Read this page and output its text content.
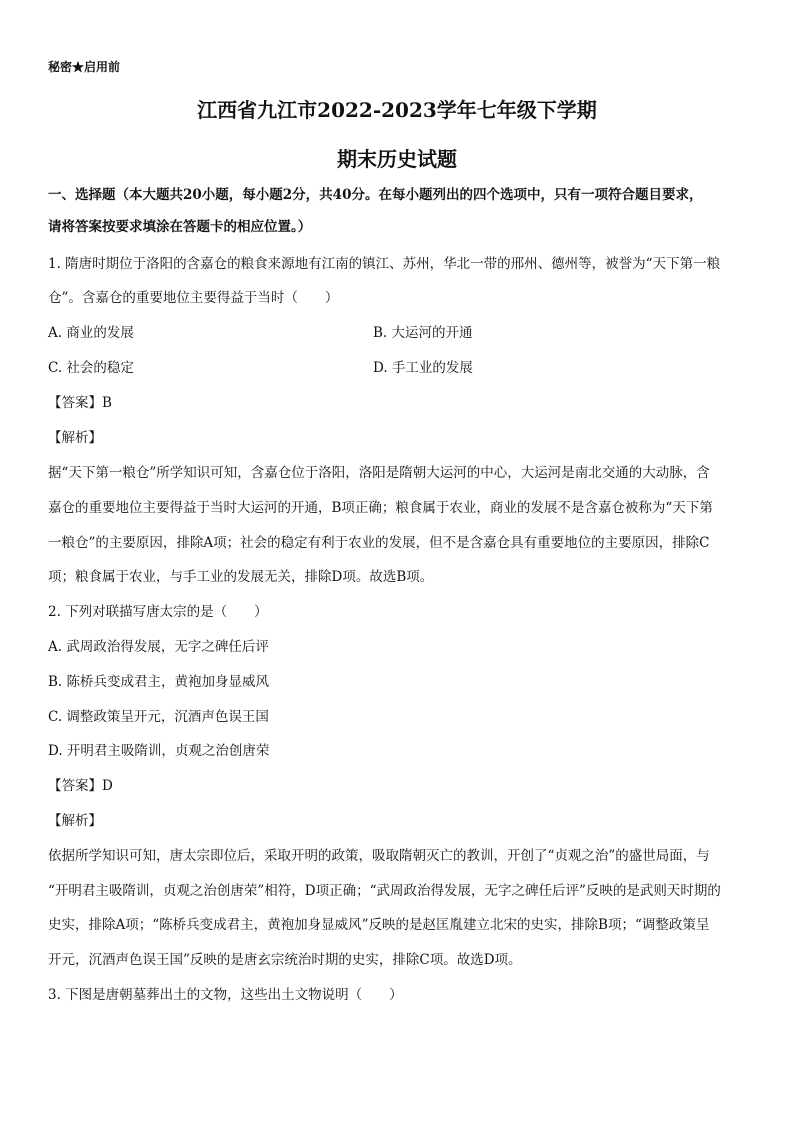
秘密★启用前
江西省九江市2022-2023学年七年级下学期
期末历史试题
一、选择题（本大题共20小题，每小题2分，共40分。在每小题列出的四个选项中，只有一项符合题目要求，
请将答案按要求填涂在答题卡的相应位置。）
1. 隋唐时期位于洛阳的含嘉仓的粮食来源地有江南的镇江、苏州，华北一带的邢州、德州等，被誉为“天下第一粮
仓”。含嘉仓的重要地位主要得益于当时（　　）
A. 商业的发展	B. 大运河的开通
C. 社会的稳定	D. 手工业的发展
【答案】B
【解析】
据“天下第一粮仓”所学知识可知，含嘉仓位于洛阳，洛阳是隋朝大运河的中心，大运河是南北交通的大动脉，含
嘉仓的重要地位主要得益于当时大运河的开通，B项正确；粮食属于农业，商业的发展不是含嘉仓被称为“天下第
一粮仓”的主要原因，排除A项；社会的稳定有利于农业的发展，但不是含嘉仓具有重要地位的主要原因，排除C
项；粮食属于农业，与手工业的发展无关，排除D项。故选B项。
2. 下列对联描写唐太宗的是（　　）
A. 武周政治得发展，无字之碑任后评
B. 陈桥兵变成君主，黄袍加身显威风
C. 调整政策呈开元，沉酒声色误王国
D. 开明君主吸隋训，贞观之治创唐荣
【答案】D
【解析】
依据所学知识可知，唐太宗即位后，采取开明的政策，吸取隋朝灭亡的教训，开创了“贞观之治”的盛世局面，与
“开明君主吸隋训，贞观之治创唐荣”相符，D项正确；“武周政治得发展，无字之碑任后评”反映的是武则天时期的
史实，排除A项；“陈桥兵变成君主，黄袍加身显威风”反映的是赵匡胤建立北宋的史实，排除B项；“调整政策呈
开元，沉酒声色误王国”反映的是唐玄宗统治时期的史实，排除C项。故选D项。
3. 下图是唐朝墓葬出土的文物，这些出土文物说明（　　）
